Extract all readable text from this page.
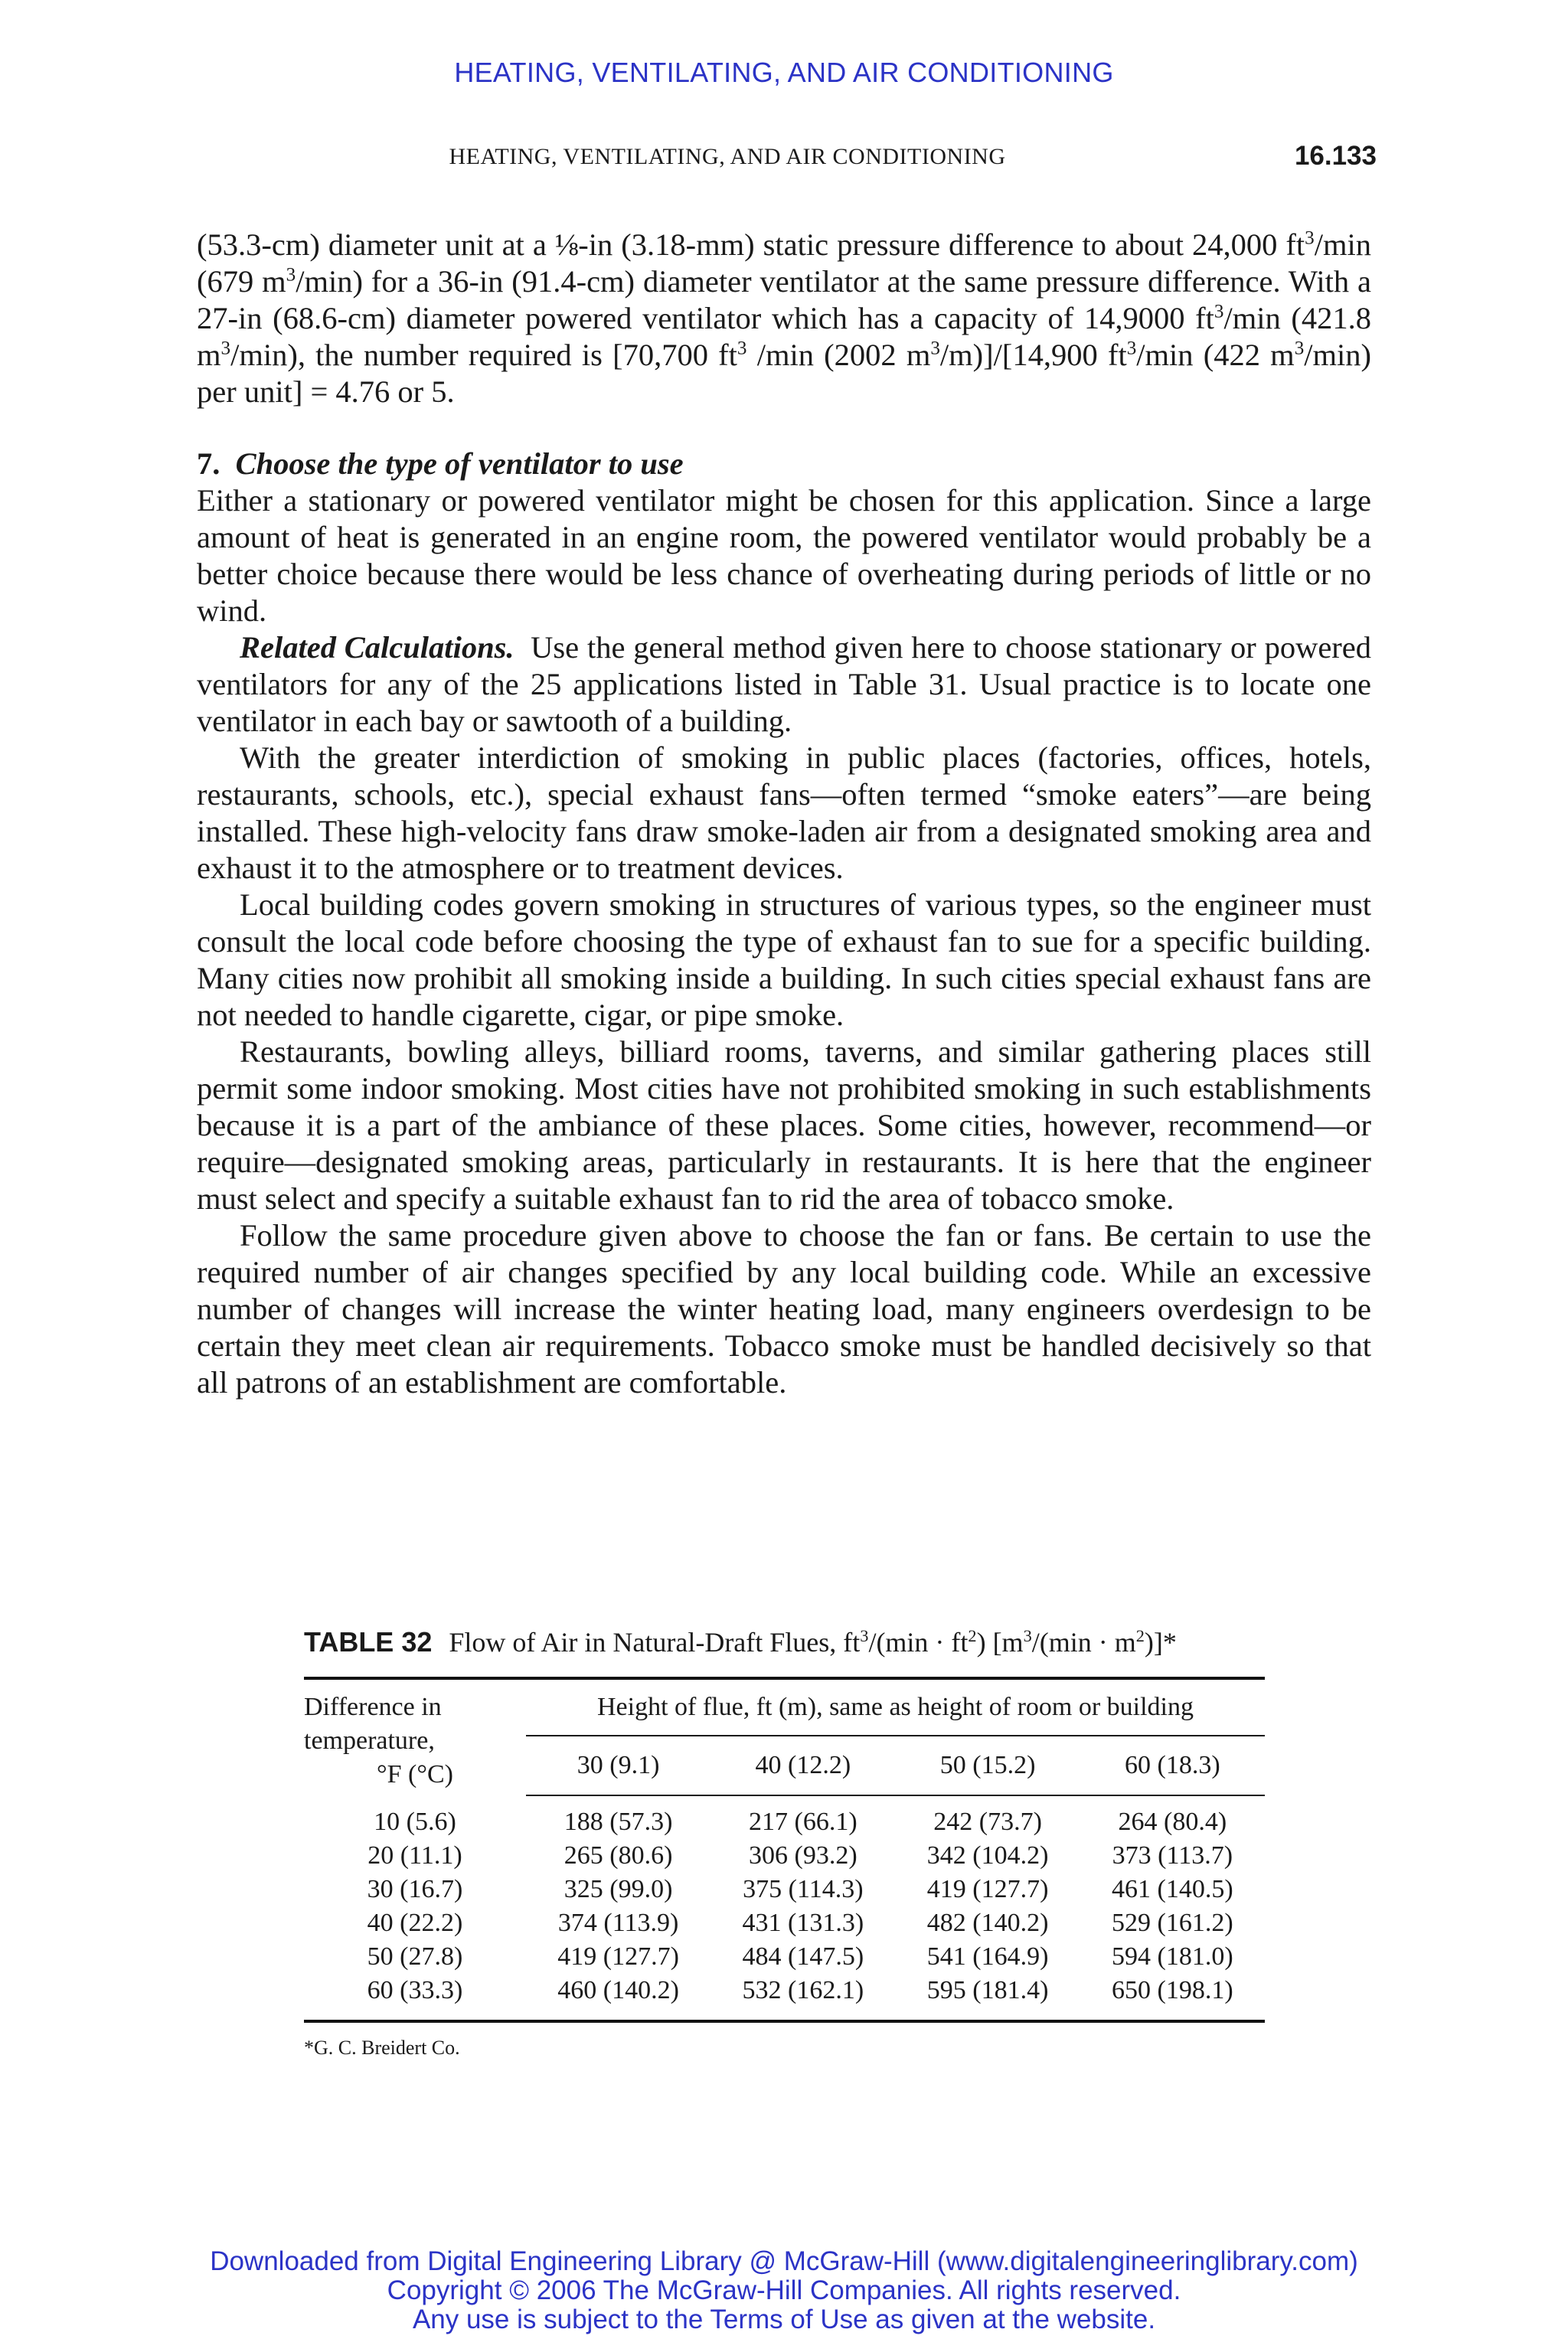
HEATING, VENTILATING, AND AIR CONDITIONING
HEATING, VENTILATING, AND AIR CONDITIONING	16.133

(53.3-cm) diameter unit at a ⅛-in (3.18-mm) static pressure difference to about 24,000 $ft^3/\min$ (679 $m^3/\min$) for a 36-in (91.4-cm) diameter ventilator at the same pressure difference. With a 27-in (68.6-cm) diameter powered ventilator which has a capacity of 14,9000 $ft^3/\min$ (421.8 $m^3/\min$), the number required is [70,700 $ft^3$ /min (2002 $m^3/m)]/[14,900$ $ft^3/\min$ (422 $m^3/\min$) per unit] = 4.76 or 5.

7. Choose the type of ventilator to use

Either a stationary or powered ventilator might be chosen for this application. Since a large amount of heat is generated in an engine room, the powered ventilator would probably be a better choice because there would be less chance of overheating during periods of little or no wind.

Related Calculations. Use the general method given here to choose stationary or powered ventilators for any of the 25 applications listed in Table 31. Usual practice is to locate one ventilator in each bay or sawtooth of a building.

With the greater interdiction of smoking in public places (factories, offices, hotels, restaurants, schools, etc.), special exhaust fans—often termed “smoke eaters”—are being installed. These high-velocity fans draw smoke-laden air from a designated smoking area and exhaust it to the atmosphere or to treatment devices.

Local building codes govern smoking in structures of various types, so the engineer must consult the local code before choosing the type of exhaust fan to sue for a specific building. Many cities now prohibit all smoking inside a building. In such cities special exhaust fans are not needed to handle cigarette, cigar, or pipe smoke.

Restaurants, bowling alleys, billiard rooms, taverns, and similar gathering places still permit some indoor smoking. Most cities have not prohibited smoking in such establishments because it is a part of the ambiance of these places. Some cities, however, recommend—or require—designated smoking areas, particularly in restaurants. It is here that the engineer must select and specify a suitable exhaust fan to rid the area of tobacco smoke.

Follow the same procedure given above to choose the fan or fans. Be certain to use the required number of air changes specified by any local building code. While an excessive number of changes will increase the winter heating load, many engineers overdesign to be certain they meet clean air requirements. Tobacco smoke must be handled decisively so that all patrons of an establishment are comfortable.

TABLE 32 Flow of Air in Natural-Draft Flues, $ft^3/(\min \cdot ft^2) [m^3/(\min \cdot m^2)]*$
Difference in
temperature,

°F (°C)	Height of flue, ft (m), same as height of room or building			
	30 (9.1)	40 (12.2)	50 (15.2)	60 (18.3)
10 (5.6)	188 (57.3)	217 (66.1)	242 (73.7)	264 (80.4)
20 (11.1)	265 (80.6)	306 (93.2)	342 (104.2)	373 (113.7)
30 (16.7)	325 (99.0)	375 (114.3)	419 (127.7)	461 (140.5)
40 (22.2)	374 (113.9)	431 (131.3)	482 (140.2)	529 (161.2)
50 (27.8)	419 (127.7)	484 (147.5)	541 (164.9)	594 (181.0)
60 (33.3)	460 (140.2)	532 (162.1)	595 (181.4)	650 (198.1)
*G. C. Breidert Co.
Downloaded from Digital Engineering Library @ McGraw-Hill (www.digitalengineeringlibrary.com)
Copyright © 2006 The McGraw-Hill Companies. All rights reserved.
Any use is subject to the Terms of Use as given at the website.
